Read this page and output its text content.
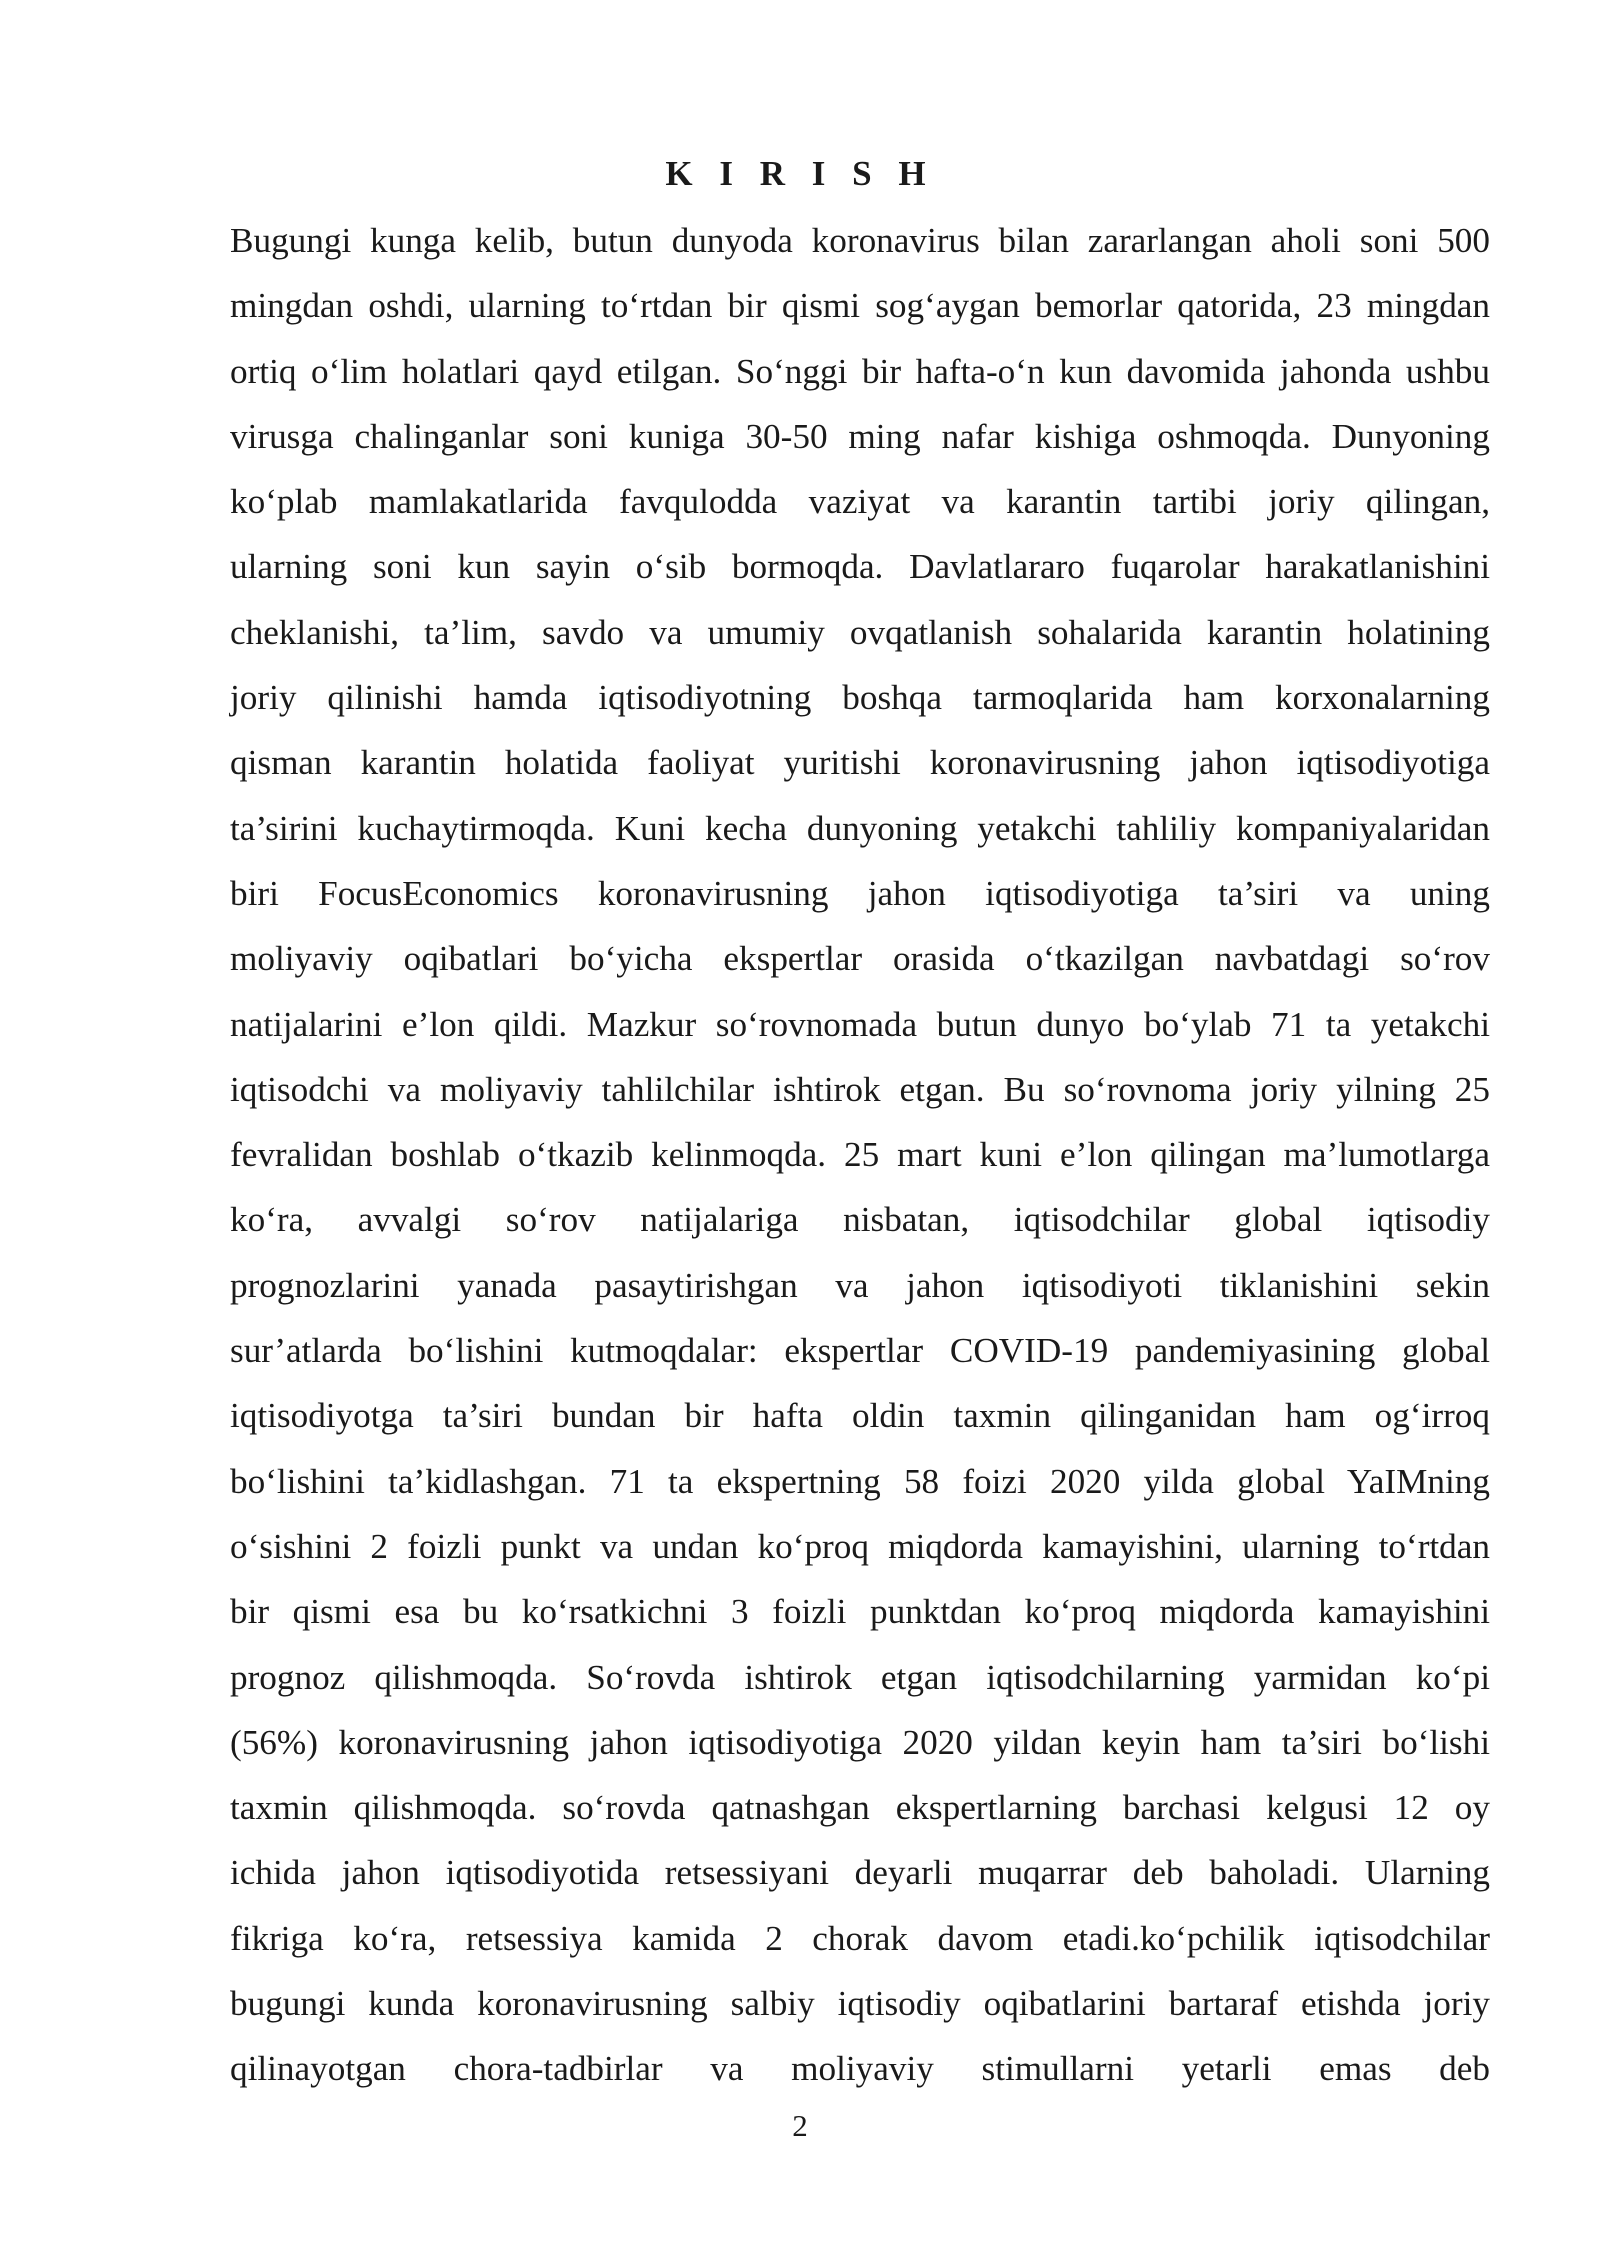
K I R I S H
Bugungi kunga kelib, butun dunyoda koronavirus bilan zararlangan aholi soni 500
mingdan oshdi, ularning to‘rtdan bir qismi sog‘aygan bemorlar qatorida, 23 mingdan
ortiq o‘lim holatlari qayd etilgan. So‘nggi bir hafta-o‘n kun davomida jahonda ushbu
virusga chalinganlar soni kuniga 30-50 ming nafar kishiga oshmoqda. Dunyoning
ko‘plab mamlakatlarida favqulodda vaziyat va karantin tartibi joriy qilingan,
ularning soni kun sayin o‘sib bormoqda. Davlatlararo fuqarolar harakatlanishini
cheklanishi, ta’lim, savdo va umumiy ovqatlanish sohalarida karantin holatining
joriy qilinishi hamda iqtisodiyotning boshqa tarmoqlarida ham korxonalarning
qisman karantin holatida faoliyat yuritishi koronavirusning jahon iqtisodiyotiga
ta’sirini kuchaytirmoqda. Kuni kecha dunyoning yetakchi tahliliy kompaniyalaridan
biri FocusEconomics koronavirusning jahon iqtisodiyotiga ta’siri va uning
moliyaviy oqibatlari bo‘yicha ekspertlar orasida o‘tkazilgan navbatdagi so‘rov
natijalarini e’lon qildi. Mazkur so‘rovnomada butun dunyo bo‘ylab 71 ta yetakchi
iqtisodchi va moliyaviy tahlilchilar ishtirok etgan. Bu so‘rovnoma joriy yilning 25
fevralidan boshlab o‘tkazib kelinmoqda. 25 mart kuni e’lon qilingan ma’lumotlarga
ko‘ra, avvalgi so‘rov natijalariga nisbatan, iqtisodchilar global iqtisodiy
prognozlarini yanada pasaytirishgan va jahon iqtisodiyoti tiklanishini sekin
sur’atlarda bo‘lishini kutmoqdalar: ekspertlar COVID-19 pandemiyasining global
iqtisodiyotga ta’siri bundan bir hafta oldin taxmin qilinganidan ham og‘irroq
bo‘lishini ta’kidlashgan. 71 ta ekspertning 58 foizi 2020 yilda global YaIMning
o‘sishini 2 foizli punkt va undan ko‘proq miqdorda kamayishini, ularning to‘rtdan
bir qismi esa bu ko‘rsatkichni 3 foizli punktdan ko‘proq miqdorda kamayishini
prognoz qilishmoqda. So‘rovda ishtirok etgan iqtisodchilarning yarmidan ko‘pi
(56%) koronavirusning jahon iqtisodiyotiga 2020 yildan keyin ham ta’siri bo‘lishi
taxmin qilishmoqda. so‘rovda qatnashgan ekspertlarning barchasi kelgusi 12 oy
ichida jahon iqtisodiyotida retsessiyani deyarli muqarrar deb baholadi. Ularning
fikriga ko‘ra, retsessiya kamida 2 chorak davom etadi.ko‘pchilik iqtisodchilar
bugungi kunda koronavirusning salbiy iqtisodiy oqibatlarini bartaraf etishda joriy
qilinayotgan chora-tadbirlar va moliyaviy stimullarni yetarli emas deb
2
